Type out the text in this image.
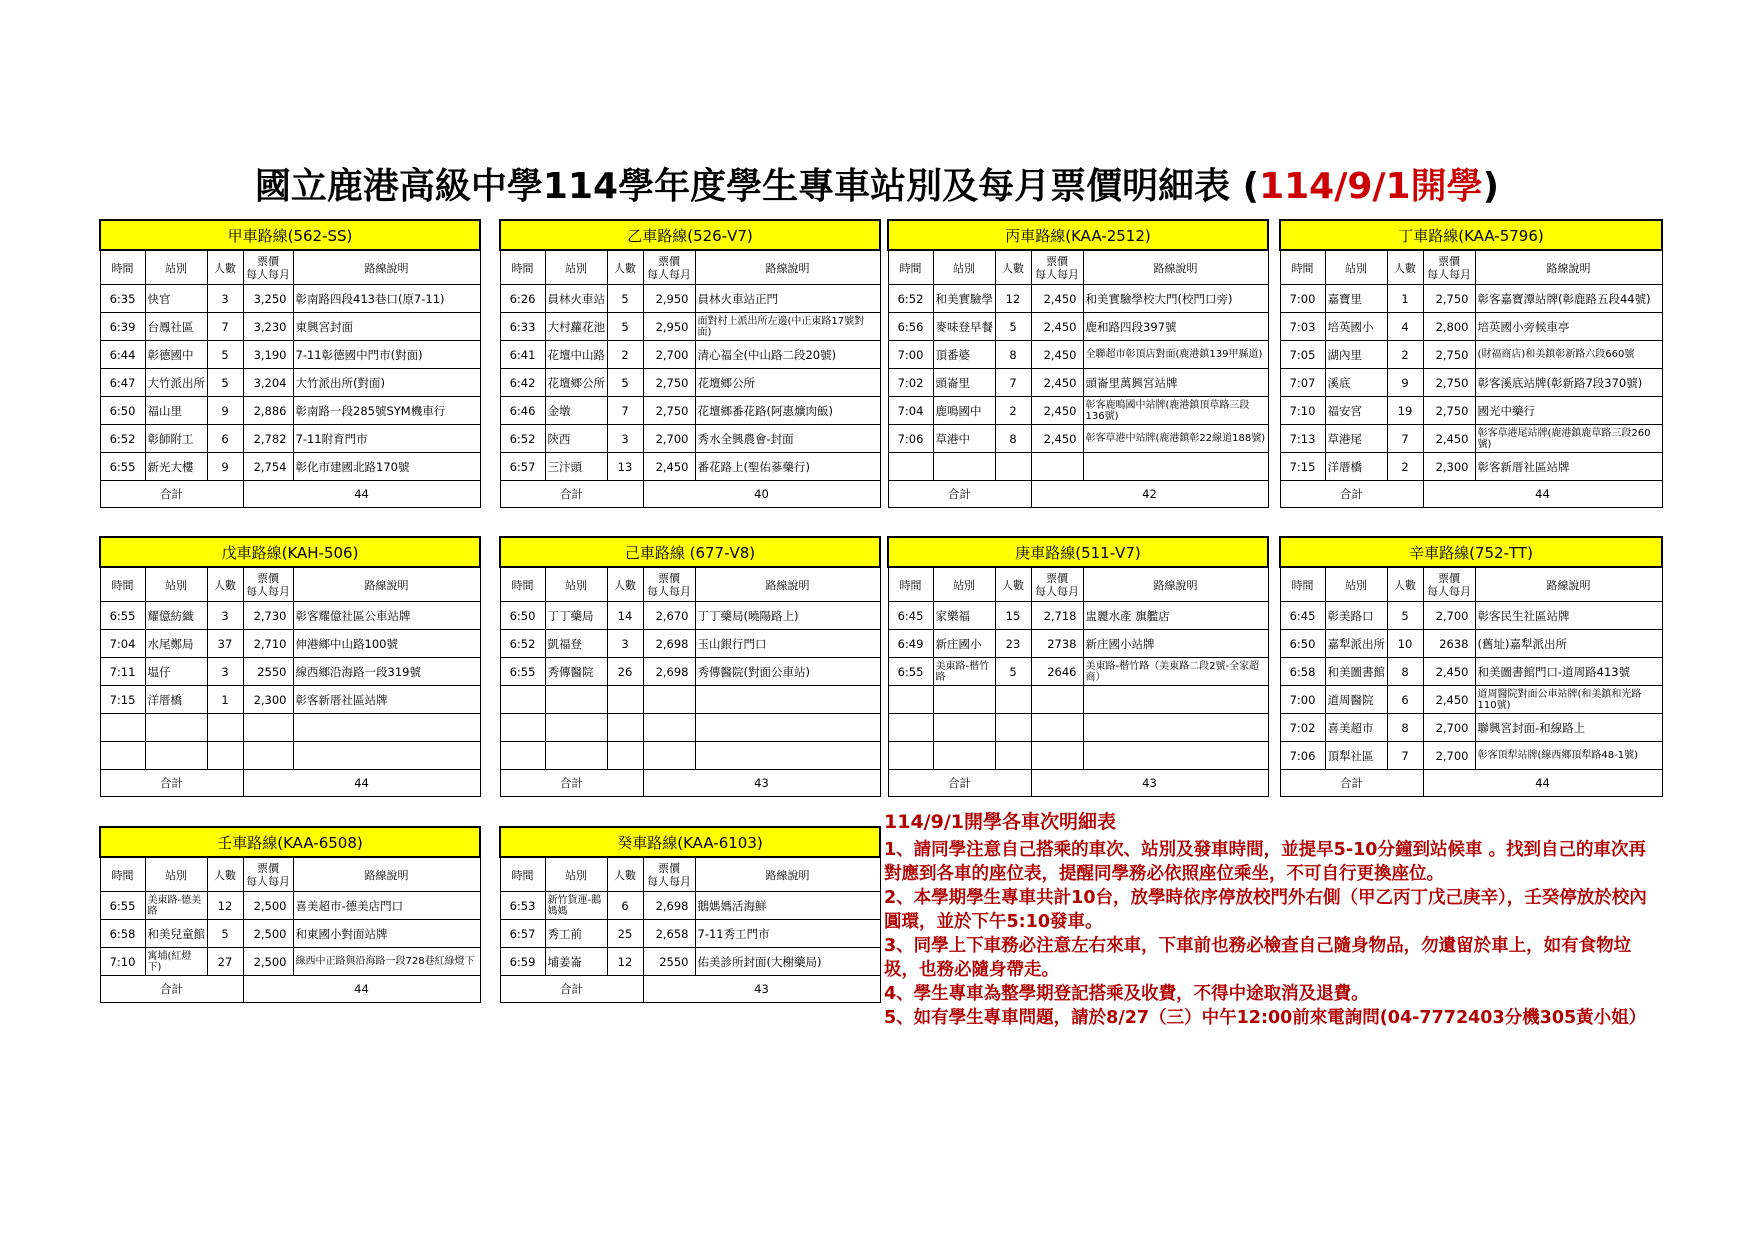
國立鹿港高級中學114學年度學生專車站別及每月票價明細表 (114/9/1開學)
甲車路線(562-SS)				
時間	站別	人數	票價
每人每月	路線說明
6:35	快官	3	3,250	彰南路四段413巷口(原7-11)
6:39	台鳳社區	7	3,230	東興宮封面
6:44	彰德國中	5	3,190	7-11彰德國中門市(對面)
6:47	大竹派出所	5	3,204	大竹派出所(對面)
6:50	福山里	9	2,886	彰南路一段285號SYM機車行
6:52	彰師附工	6	2,782	7-11附育門市
6:55	新光大樓	9	2,754	彰化市建國北路170號
合計			44	
乙車路線(526-V7)				
時間	站別	人數	票價
每人每月	路線說明
6:26	員林火車站	5	2,950	員林火車站正門
6:33	大村蘿花池	5	2,950	面對村上派出所左邊(中正東路17號對面)
6:41	花壇中山路	2	2,700	清心福全(中山路二段20號)
6:42	花壇鄉公所	5	2,750	花壇鄉公所
6:46	金墩	7	2,750	花壇鄉番花路(阿惠爌肉飯)
6:52	陝西	3	2,700	秀水全興農會-封面
6:57	三汴頭	13	2,450	番花路上(聖佑蔘藥行)
合計			40	
丙車路線(KAA-2512)				
時間	站別	人數	票價
每人每月	路線說明
6:52	和美實驗學	12	2,450	和美實驗學校大門(校門口旁)
6:56	麥味登早餐	5	2,450	鹿和路四段397號
7:00	頂番婆	8	2,450	全聯超市彰頂店對面(鹿港鎮139甲縣道)
7:02	頭崙里	7	2,450	頭崙里萬興宮站牌
7:04	鹿鳴國中	2	2,450	彰客鹿鳴國中站牌(鹿港鎮頂草路三段136號)
7:06	草港中	8	2,450	彰客草港中站牌(鹿港鎮彰22線道188號)

合計			42	
丁車路線(KAA-5796)				
時間	站別	人數	票價
每人每月	路線說明
7:00	嘉寶里	1	2,750	彰客嘉寶潭站牌(彰鹿路五段44號)
7:03	培英國小	4	2,800	培英國小旁候車亭
7:05	湖內里	2	2,750	(財福商店)和美鎮彰新路六段660號
7:07	溪底	9	2,750	彰客溪底站牌(彰新路7段370號)
7:10	福安宮	19	2,750	國光中藥行
7:13	草港尾	7	2,450	彰客草港尾站牌(鹿港鎮鹿草路三段260號)
7:15	洋厝橋	2	2,300	彰客新厝社區站牌
合計			44	
戊車路線(KAH-506)				
時間	站別	人數	票價
每人每月	路線說明
6:55	耀億紡織	3	2,730	彰客耀億社區公車站牌
7:04	水尾鄭局	37	2,710	伸港鄉中山路100號
7:11	塭仔	3	2550	線西鄉沿海路一段319號
7:15	洋厝橋	1	2,300	彰客新厝社區站牌

合計			44	
己車路線 (677-V8)				
時間	站別	人數	票價
每人每月	路線說明
6:50	丁丁藥局	14	2,670	丁丁藥局(曉陽路上)
6:52	凱福登	3	2,698	玉山銀行門口
6:55	秀傳醫院	26	2,698	秀傳醫院(對面公車站)

合計			43	
庚車路線(511-V7)				
時間	站別	人數	票價
每人每月	路線說明
6:45	家樂福	15	2,718	盅麗水產 旗艦店
6:49	新庄國小	23	2738	新庄國小站牌
6:55	美東路-楷竹路	5	2646	美東路-楷竹路（美東路二段2號-全家超商）

合計			43	
辛車路線(752-TT)				
時間	站別	人數	票價
每人每月	路線說明
6:45	彰美路口	5	2,700	彰客民生社區站牌
6:50	嘉犁派出所	10	2638	(舊址)嘉犁派出所
6:58	和美圖書館	8	2,450	和美圖書館門口-道周路413號
7:00	道周醫院	6	2,450	道周醫院對面公車站牌(和美鎮和光路110號)
7:02	喜美超市	8	2,700	聯興宮封面-和線路上
7:06	頂犁社區	7	2,700	彰客頂犁站牌(線西鄉頂犁路48-1號)
合計			44	
壬車路線(KAA-6508)				
時間	站別	人數	票價
每人每月	路線說明
6:55	美東路-德美路	12	2,500	喜美超市-德美店門口
6:58	和美兒童館	5	2,500	和東國小對面站牌
7:10	寓埔(紅燈下)	27	2,500	線西中正路與沿海路一段728巷紅綠燈下
合計			44	
癸車路線(KAA-6103)				
時間	站別	人數	票價
每人每月	路線說明
6:53	新竹貨運-鵝媽媽	6	2,698	鵝媽媽活海鮮
6:57	秀工前	25	2,658	7-11秀工門市
6:59	埔姜崙	12	2550	佑美診所封面(大榭藥局)
合計			43	
114/9/1開學各車次明細表
1、請同學注意自己搭乘的車次、站別及發車時間，並提早5-10分鐘到站候車 。找到自己的車次再　對應到各車的座位表，提醒同學務必依照座位乘坐，不可自行更換座位。
2、本學期學生專車共計10台，放學時依序停放校門外右側（甲乙丙丁戊己庚辛），壬癸停放於校內圓環，並於下午5:10發車。
3、同學上下車務必注意左右來車，下車前也務必檢查自己隨身物品，勿遺留於車上，如有食物垃圾，也務必隨身帶走。
4、學生專車為整學期登記搭乘及收費，不得中途取消及退費。
5、如有學生專車問題，請於8/27（三）中午12:00前來電詢問(04-7772403分機305黃小姐）
